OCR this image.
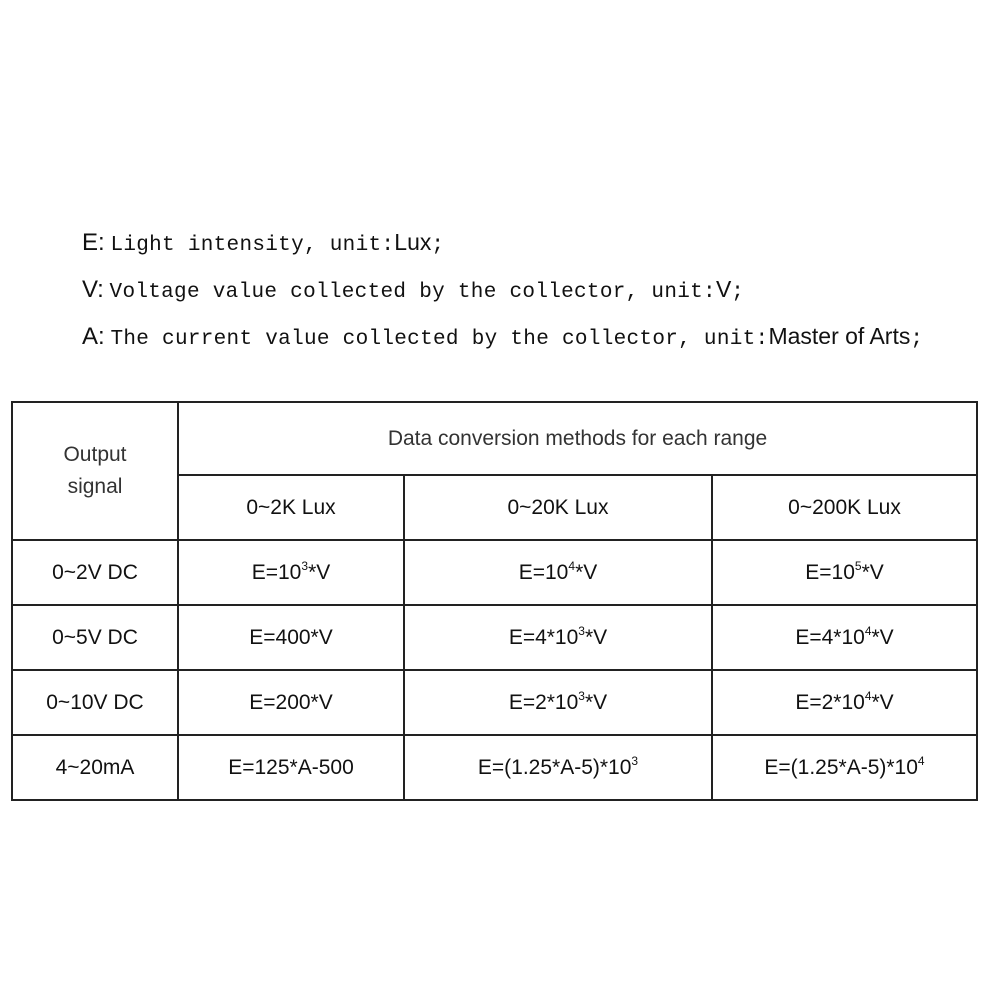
E: Light intensity, unit:Lux;
V: Voltage value collected by the collector, unit:V;
A: The current value collected by the collector, unit:Master of Arts;
Output
signal	Data conversion methods for each range		
	0~2K Lux	0~20K Lux	0~200K Lux
0~2V DC	$E=10^3*V$	$E=10^4*V$	$E=10^5*V$
0~5V DC	E=400*V	$E=4*10^3*V$	$E=4*10^4*V$
0~10V DC	E=200*V	$E=2*10^3*V$	$E=2*10^4*V$
4~20mA	E=125*A-500	$E=(1.25*A-5)*10^3$	$E=(1.25*A-5)*10^4$
